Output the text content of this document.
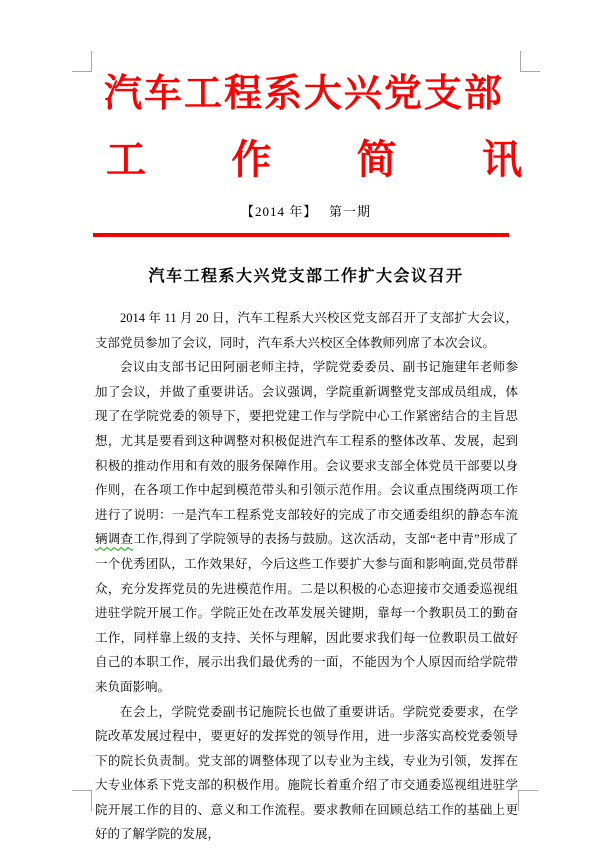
汽 车 工 程 系 大 兴 党 支 部
工 作 简 讯
【2014 年】　 第一期
汽车工程系大兴党支部工作扩大会议召开

2014 年 11 月 20 日，汽车工程系大兴校区党支部召开了支部扩大会议，支部党员参加了会议，同时，汽车系大兴校区全体教师列席了本次会议。

会议由支部书记田阿丽老师主持，学院党委委员、副书记施建年老师参加了会议，并做了重要讲话。会议强调，学院重新调整党支部成员组成，体现了在学院党委的领导下，要把党建工作与学院中心工作紧密结合的主旨思想，尤其是要看到这种调整对积极促进汽车工程系的整体改革、发展，起到积极的推动作用和有效的服务保障作用。会议要求支部全体党员干部要以身作则，在各项工作中起到模范带头和引领示范作用。会议重点围绕两项工作进行了说明：一是汽车工程系党支部较好的完成了市交通委组织的静态车流辆调查工作,得到了学院领导的表扬与鼓励。这次活动，支部“老中青”形成了一个优秀团队，工作效果好，今后这些工作要扩大参与面和影响面,党员带群众，充分发挥党员的先进模范作用。二是以积极的心态迎接市交通委巡视组进驻学院开展工作。学院正处在改革发展关键期，靠每一个教职员工的勤奋工作，同样靠上级的支持、关怀与理解，因此要求我们每一位教职员工做好自己的本职工作，展示出我们最优秀的一面，不能因为个人原因而给学院带来负面影响。

在会上，学院党委副书记施院长也做了重要讲话。学院党委要求，在学院改革发展过程中，要更好的发挥党的领导作用，进一步落实高校党委领导下的院长负责制。党支部的调整体现了以专业为主线，专业为引领，发挥在大专业体系下党支部的积极作用。施院长着重介绍了市交通委巡视组进驻学院开展工作的目的、意义和工作流程。要求教师在回顾总结工作的基础上更好的了解学院的发展，
